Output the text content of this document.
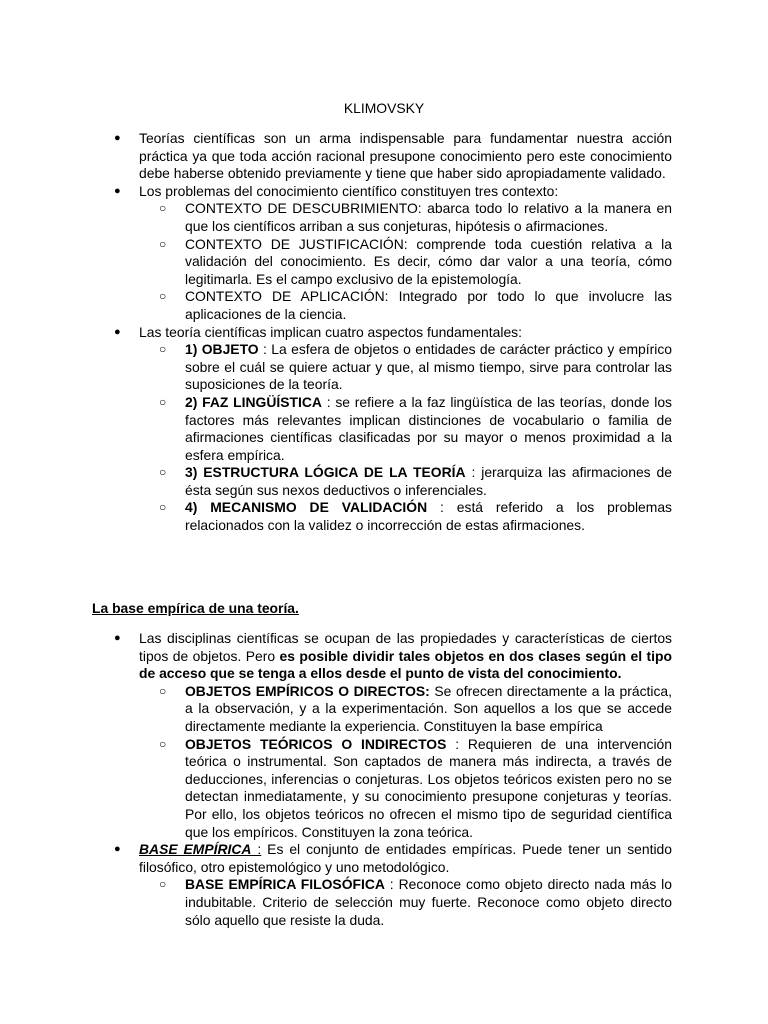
KLIMOVSKY
● Teorías científicas son un arma indispensable para fundamentar nuestra acción práctica ya que toda acción racional presupone conocimiento pero este conocimiento debe haberse obtenido previamente y tiene que haber sido apropiadamente validado.
● Los problemas del conocimiento científico constituyen tres contexto:
○ CONTEXTO DE DESCUBRIMIENTO: abarca todo lo relativo a la manera en que los científicos arriban a sus conjeturas, hipótesis o afirmaciones.
○ CONTEXTO DE JUSTIFICACIÓN: comprende toda cuestión relativa a la validación del conocimiento. Es decir, cómo dar valor a una teoría, cómo legitimarla. Es el campo exclusivo de la epistemología.
○ CONTEXTO DE APLICACIÓN: Integrado por todo lo que involucre las aplicaciones de la ciencia.
● Las teoría científicas implican cuatro aspectos fundamentales:
○ 1) OBJETO : La esfera de objetos o entidades de carácter práctico y empírico sobre el cuál se quiere actuar y que, al mismo tiempo, sirve para controlar las suposiciones de la teoría.
○ 2) FAZ LINGÜÍSTICA : se refiere a la faz lingüística de las teorías, donde los factores más relevantes implican distinciones de vocabulario o familia de afirmaciones científicas clasificadas por su mayor o menos proximidad a la esfera empírica.
○ 3) ESTRUCTURA LÓGICA DE LA TEORÍA : jerarquiza las afirmaciones de ésta según sus nexos deductivos o inferenciales.
○ 4) MECANISMO DE VALIDACIÓN : está referido a los problemas relacionados con la validez o incorrección de estas afirmaciones.
La base empírica de una teoría.
● Las disciplinas científicas se ocupan de las propiedades y características de ciertos tipos de objetos. Pero es posible dividir tales objetos en dos clases según el tipo de acceso que se tenga a ellos desde el punto de vista del conocimiento.
○ OBJETOS EMPÍRICOS O DIRECTOS: Se ofrecen directamente a la práctica, a la observación, y a la experimentación. Son aquellos a los que se accede directamente mediante la experiencia. Constituyen la base empírica
○ OBJETOS TEÓRICOS O INDIRECTOS : Requieren de una intervención teórica o instrumental. Son captados de manera más indirecta, a través de deducciones, inferencias o conjeturas. Los objetos teóricos existen pero no se detectan inmediatamente, y su conocimiento presupone conjeturas y teorías. Por ello, los objetos teóricos no ofrecen el mismo tipo de seguridad científica que los empíricos. Constituyen la zona teórica.
● BASE EMPÍRICA : Es el conjunto de entidades empíricas. Puede tener un sentido filosófico, otro epistemológico y uno metodológico.
○ BASE EMPÍRICA FILOSÓFICA : Reconoce como objeto directo nada más lo indubitable. Criterio de selección muy fuerte. Reconoce como objeto directo sólo aquello que resiste la duda.
